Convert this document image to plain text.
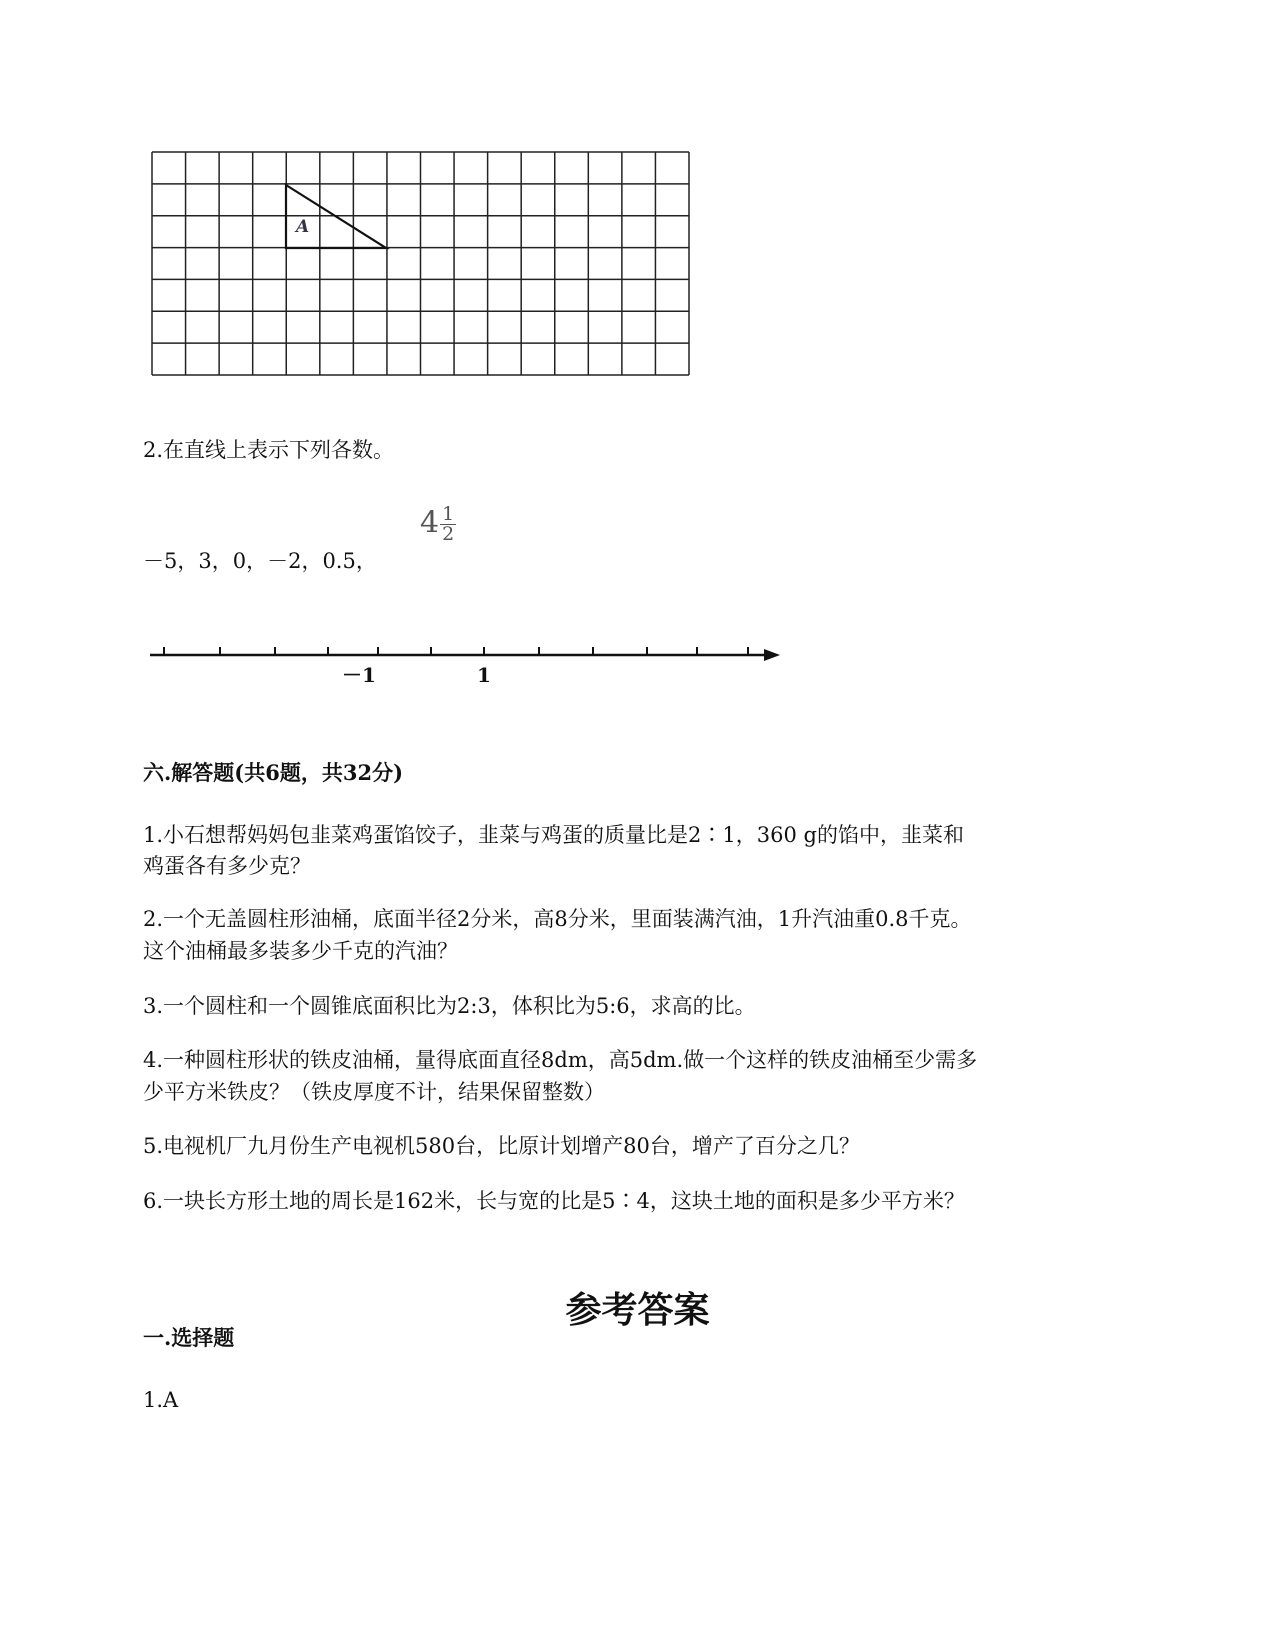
A
2.在直线上表示下列各数。
－5，3，0，－2，0.5，
$4 \frac{1}{2}$
－1	1
六.解答题(共6题，共32分)
1.小石想帮妈妈包韭菜鸡蛋馅饺子，韭菜与鸡蛋的质量比是2∶1，360 g的馅中，韭菜和
鸡蛋各有多少克？
2.一个无盖圆柱形油桶，底面半径2分米，高8分米，里面装满汽油，1升汽油重0.8千克。
这个油桶最多装多少千克的汽油？
3.一个圆柱和一个圆锥底面积比为2:3，体积比为5:6，求高的比。
4.一种圆柱形状的铁皮油桶，量得底面直径8dm，高5dm.做一个这样的铁皮油桶至少需多
少平方米铁皮？（铁皮厚度不计，结果保留整数）
5.电视机厂九月份生产电视机580台，比原计划增产80台，增产了百分之几？
6.一块长方形土地的周长是162米，长与宽的比是5∶4，这块土地的面积是多少平方米？
参考答案
一.选择题
1.A
